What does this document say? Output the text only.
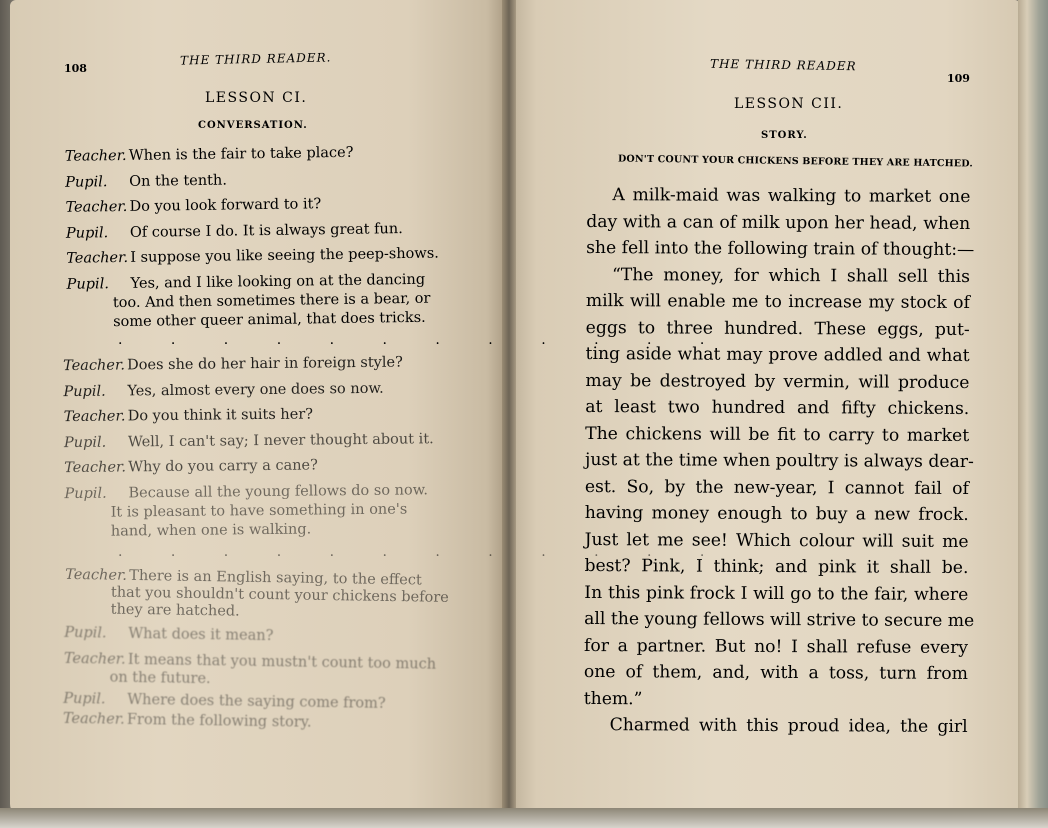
108
THE THIRD READER.
LESSON CI.
CONVERSATION.
Teacher. When is the fair to take place?
Pupil. On the tenth.
Teacher. Do you look forward to it?
Pupil. Of course I do. It is always great fun.
Teacher. I suppose you like seeing the peep-shows.
Pupil. Yes, and I like looking on at the dancing
too. And then sometimes there is a bear, or
some other queer animal, that does tricks.
. . . . . . . . . . . .
Teacher. Does she do her hair in foreign style?
Pupil. Yes, almost every one does so now.
Teacher. Do you think it suits her?
Pupil. Well, I can't say; I never thought about it.
Teacher. Why do you carry a cane?
Pupil. Because all the young fellows do so now.
It is pleasant to have something in one's
hand, when one is walking.
. . . . . . . . . . . .
Teacher. There is an English saying, to the effect
that you shouldn't count your chickens before
they are hatched.
Pupil. What does it mean?
Teacher. It means that you mustn't count too much
on the future.
Pupil. Where does the saying come from?
Teacher. From the following story.
THE THIRD READER
109
LESSON CII.
STORY.
DON'T COUNT YOUR CHICKENS BEFORE THEY ARE HATCHED.
A milk-maid was walking to market one
day with a can of milk upon her head, when
she fell into the following train of thought:—
“The money, for which I shall sell this
milk will enable me to increase my stock of
eggs to three hundred. These eggs, put-
ting aside what may prove addled and what
may be destroyed by vermin, will produce
at least two hundred and fifty chickens.
The chickens will be fit to carry to market
just at the time when poultry is always dear-
est. So, by the new-year, I cannot fail of
having money enough to buy a new frock.
Just let me see! Which colour will suit me
best? Pink, I think; and pink it shall be.
In this pink frock I will go to the fair, where
all the young fellows will strive to secure me
for a partner. But no! I shall refuse every
one of them, and, with a toss, turn from
them.”
Charmed with this proud idea, the girl
